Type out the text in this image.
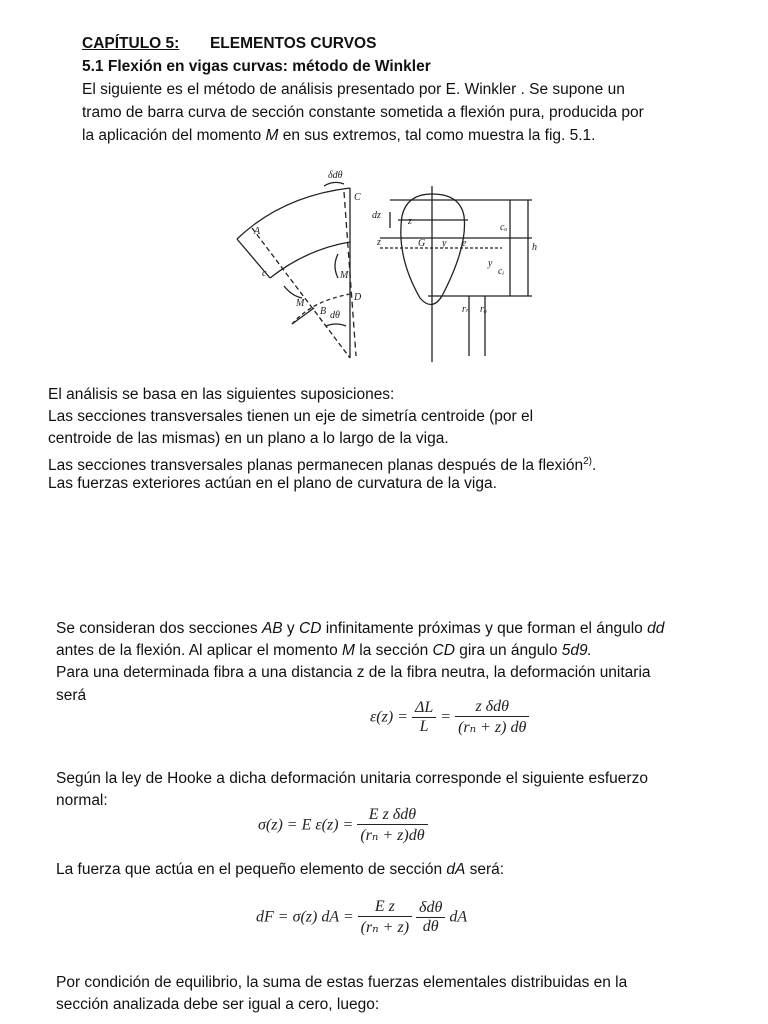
CAPÍTULO 5: ELEMENTOS CURVOS
5.1 Flexión en vigas curvas: método de Winkler
El siguiente es el método de análisis presentado por E. Winkler . Se supone un
tramo de barra curva de sección constante sometida a flexión pura, producida por
la aplicación del momento M en sus extremos, tal como muestra la fig. 5.1.
δdθ
C
A
D
B
M
M
c
dθ
dz
z
z	G y e
cₒ
h
y
cᵢ
rₙ rₒ
El análisis se basa en las siguientes suposiciones:
Las secciones transversales tienen un eje de simetría centroide (por el
centroide de las mismas) en un plano a lo largo de la viga.
Las secciones transversales planas permanecen planas después de la flexión$^{2)}$.
Las fuerzas exteriores actúan en el plano de curvatura de la viga.
Se consideran dos secciones AB y CD infinitamente próximas y que forman el ángulo dd
antes de la flexión. Al aplicar el momento M la sección CD gira un ángulo 5d9.
Para una determinada fibra a una distancia z de la fibra neutra, la deformación unitaria
será
$\varepsilon(z) = \frac{\Delta L}{L} = \frac{\text{z δdθ}}{\text{(rₙ + z) dθ}}$
Según la ley de Hooke a dicha deformación unitaria corresponde el siguiente esfuerzo
normal:
σ(z) = E $\varepsilon(z) = \frac{\text{E z δdθ}}{\text{(rₙ + z)dθ}}$
La fuerza que actúa en el pequeño elemento de sección dA será:
dF = σ(z) dA = $\frac{\text{E z}}{\text{(rₙ + z)}}$
$\frac{\text{δdθ}}{d\theta}$ dA
Por condición de equilibrio, la suma de estas fuerzas elementales distribuidas en la
sección analizada debe ser igual a cero, luego:
